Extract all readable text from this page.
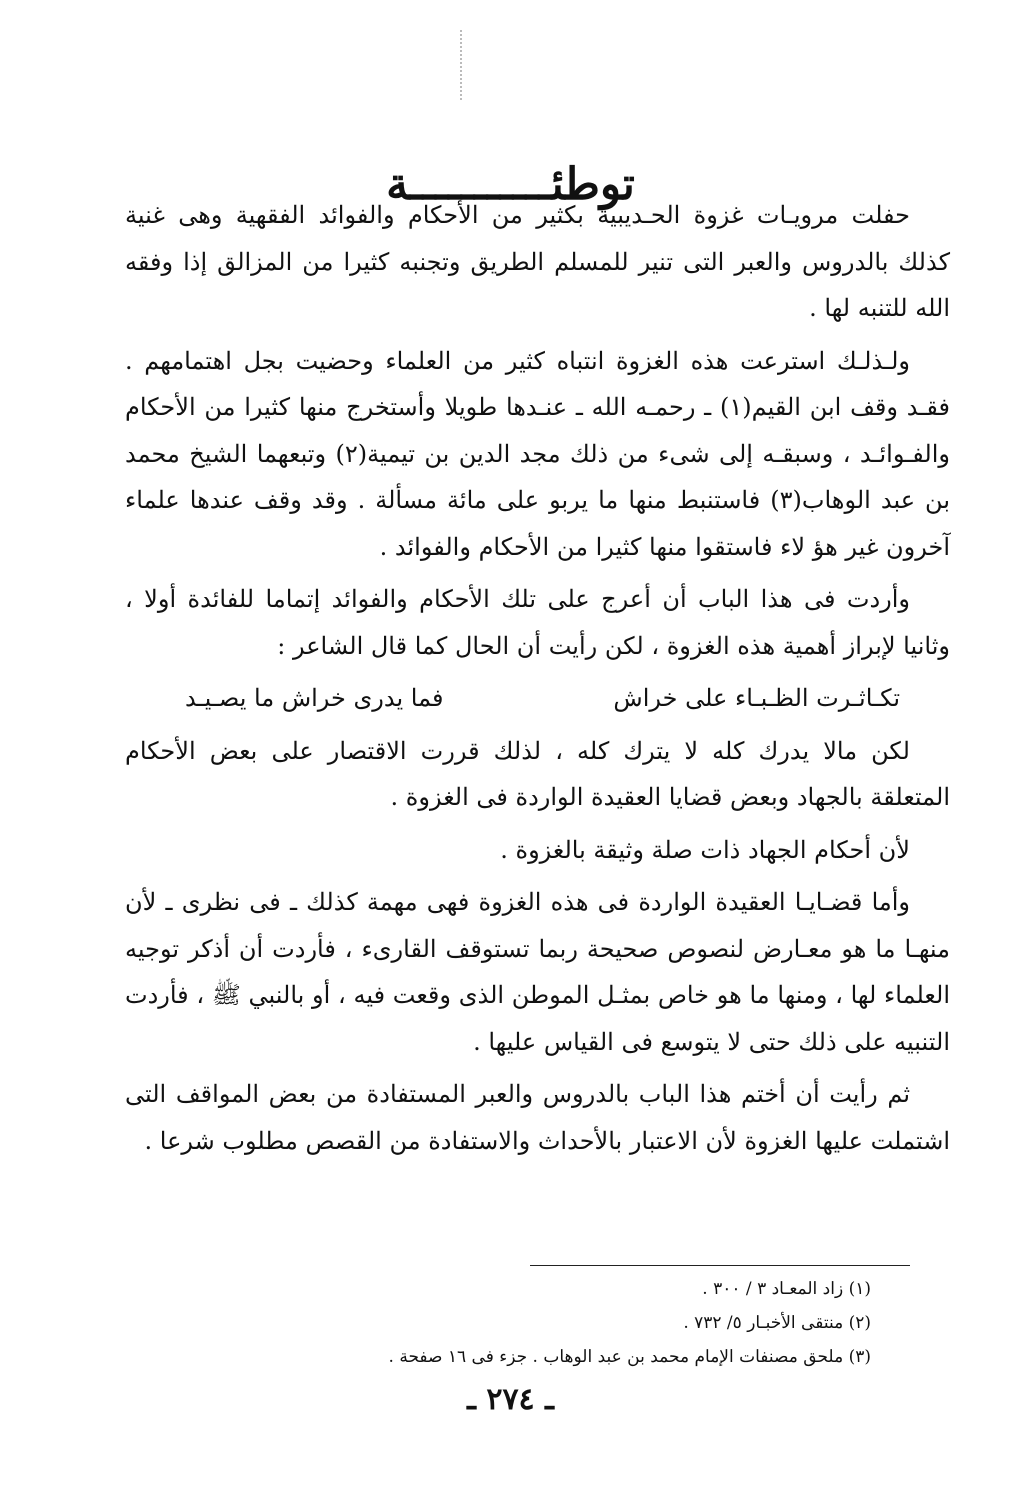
توطئـــــــــــة

حفلت مرويـات غزوة الحـديبية بكثير من الأحكام والفوائد الفقهية وهى غنية كذلك بالدروس والعبر التى تنير للمسلم الطريق وتجنبه كثيرا من المزالق إذا وفقه الله للتنبه لها .

ولـذلـك استرعت هذه الغزوة انتباه كثير من العلماء وحضيت بجل اهتمامهم . فقـد وقف ابن القيم(١) ـ رحمـه الله ـ عنـدها طويلا وأستخرج منها كثيرا من الأحكام والفـوائـد ، وسبقـه إلى شىء من ذلك مجد الدين بن تيمية(٢) وتبعهما الشيخ محمد بن عبد الوهاب(٣) فاستنبط منها ما يربو على مائة مسألة . وقد وقف عندها علماء آخرون غير هؤ لاء فاستقوا منها كثيرا من الأحكام والفوائد .

وأردت فى هذا الباب أن أعرج على تلك الأحكام والفوائد إتماما للفائدة أولا ، وثانيا لإبراز أهمية هذه الغزوة ، لكن رأيت أن الحال كما قال الشاعر :

تكـاثـرت الظـبـاء على خراش
فما يدرى خراش ما يصـيـد

لكن مالا يدرك كله لا يترك كله ، لذلك قررت الاقتصار على بعض الأحكام المتعلقة بالجهاد وبعض قضايا العقيدة الواردة فى الغزوة .

لأن أحكام الجهاد ذات صلة وثيقة بالغزوة .

وأما قضـايـا العقيدة الواردة فى هذه الغزوة فهى مهمة كذلك ـ فى نظرى ـ لأن منهـا ما هو معـارض لنصوص صحيحة ربما تستوقف القارىء ، فأردت أن أذكر توجيه العلماء لها ، ومنها ما هو خاص بمثـل الموطن الذى وقعت فيه ، أو بالنبي ﷺ ، فأردت التنبيه على ذلك حتى لا يتوسع فى القياس عليها .

ثم رأيت أن أختم هذا الباب بالدروس والعبر المستفادة من بعض المواقف التى اشتملت عليها الغزوة لأن الاعتبار بالأحداث والاستفادة من القصص مطلوب شرعا .

(١) زاد المعـاد ٣ / ٣٠٠ .
(٢) منتقى الأخبـار ٥/ ٧٣٢ .
(٣) ملحق مصنفات الإمام محمد بن عبد الوهاب . جزء فى ١٦ صفحة .
ـ ٢٧٤ ـ
